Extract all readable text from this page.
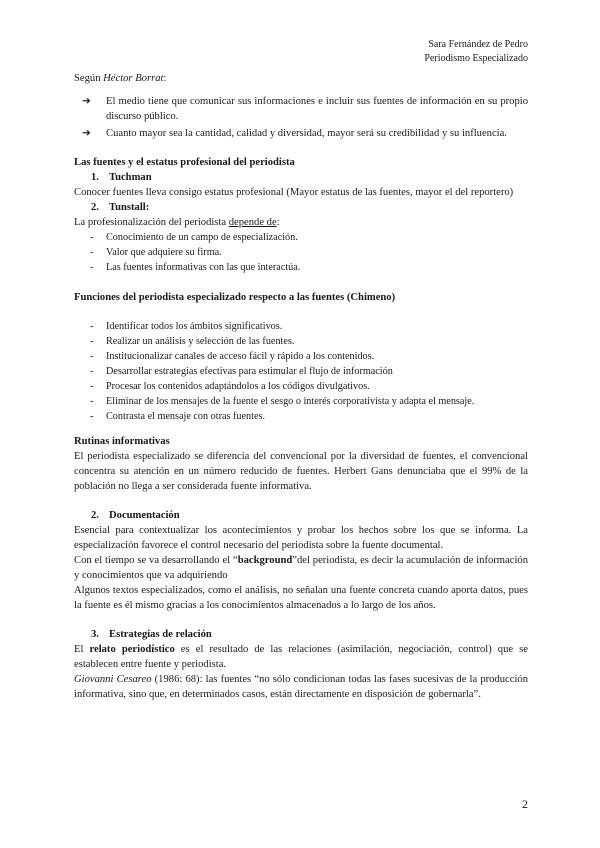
Sara Fernández de Pedro
Periodismo Especializado

Según Héctor Borrat:

➔ El medio tiene que comunicar sus informaciones e incluir sus fuentes de información en su propio discurso público.
➔ Cuanto mayor sea la cantidad, calidad y diversidad, mayor será su credibilidad y su influencia.
Las fuentes y el estatus profesional del periodista
1. Tuchman

Conocer fuentes lleva consigo estatus profesional (Mayor estatus de las fuentes, mayor el del reportero)

2. Tunstall:

La profesionalización del periodista depende de:

- Conocimiento de un campo de especialización.
- Valor que adquiere su firma.
- Las fuentes informativas con las que interactúa.
Funciones del periodista especializado respecto a las fuentes (Chimeno)
- Identificar todos los ámbitos significativos.
- Realizar un análisis y selección de las fuentes.
- Institucionalizar canales de acceso fácil y rápido a los contenidos.
- Desarrollar estrategias efectivas para estimular el flujo de información
- Procesar los contenidos adaptándolos a los códigos divulgativos.
- Eliminar de los mensajes de la fuente el sesgo o interés corporativista y adapta el mensaje.
- Contrasta el mensaje con otras fuentes.
Rutinas informativas

El periodista especializado se diferencia del convencional por la diversidad de fuentes, el convencional concentra su atención en un número reducido de fuentes. Herbert Gans denunciaba que el 99% de la población no llega a ser considerada fuente informativa.

2. Documentación

Esencial para contextualizar los acontecimientos y probar los hechos sobre los que se informa. La especialización favorece el control necesario del periodista sobre la fuente documental.

Con el tiempo se va desarrollando el “background”del periodista, es decir la acumulación de información y conocimientos que va adquiriendo

Algunos textos especializados, como el análisis, no señalan una fuente concreta cuando aporta datos, pues la fuente es él mismo gracias a los conocimientos almacenados a lo largo de los años.

3. Estrategias de relación

El relato periodístico es el resultado de las relaciones (asimilación, negociación, control) que se establecen entre fuente y periodista.

Giovanni Cesareo (1986: 68): las fuentes “no sólo condicionan todas las fases sucesivas de la producción informativa, sino que, en determinados casos, están directamente en disposición de gobernarla”.

2
